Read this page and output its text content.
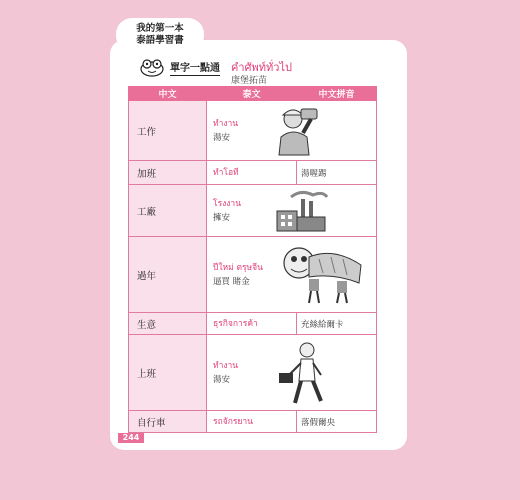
我的第一本
泰語學習書
單字一點通 คำศัพท์ทั่วไป
康堡拓苗
中文	泰文	中文拼音
工作	ทำงาน
湯安	

加班	ทำโอที	湯喔踢
工廠	โรงงาน
擁安	

過年	ปีใหม่ ตรุษจีน
逼買 睹金	

生意	ธุรกิจการค้า	充絲給爾卡
上班	ทำงาน
湯安	

自行車	รถจักรยาน	落假爾央
244
